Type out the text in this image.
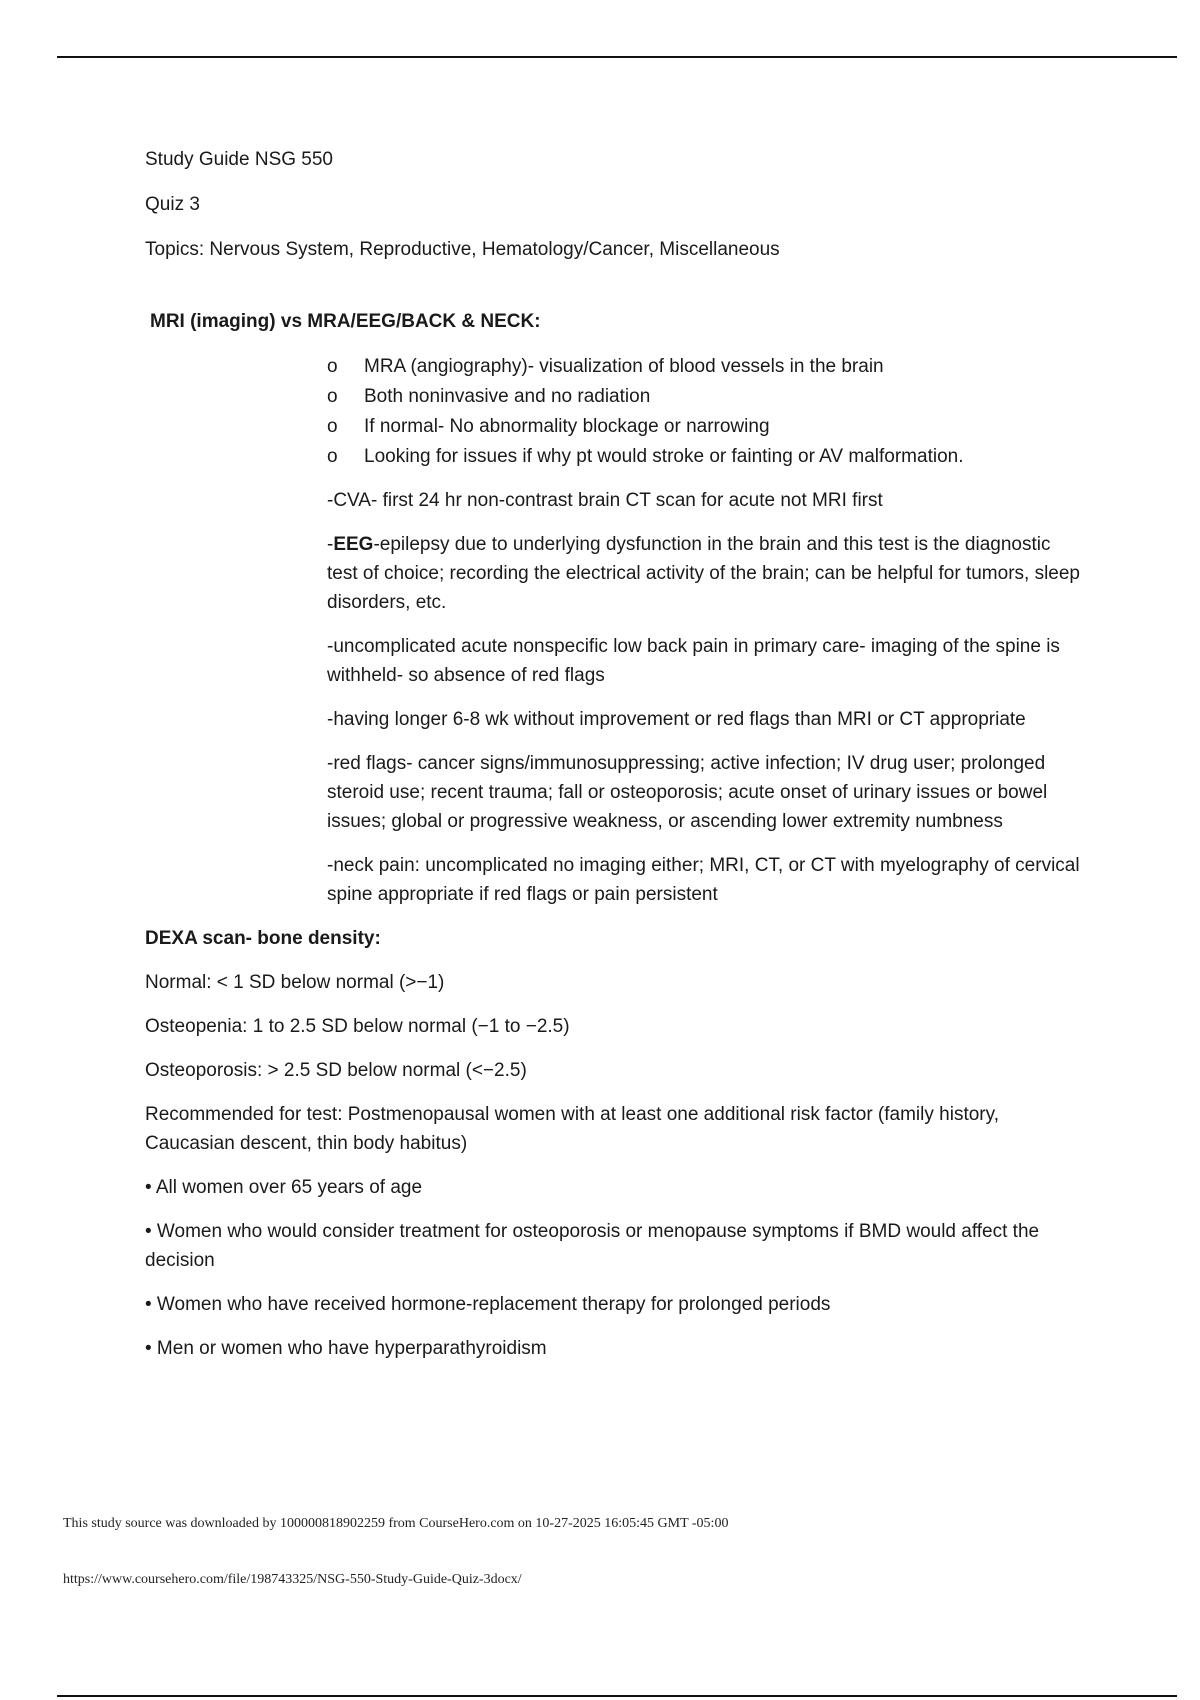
Study Guide NSG 550

Quiz 3

Topics: Nervous System, Reproductive, Hematology/Cancer, Miscellaneous

MRI (imaging) vs MRA/EEG/BACK & NECK:

o MRA (angiography)- visualization of blood vessels in the brain
o Both noninvasive and no radiation
o If normal- No abnormality blockage or narrowing
o Looking for issues if why pt would stroke or fainting or AV malformation.

-CVA- first 24 hr non-contrast brain CT scan for acute not MRI first

-EEG-epilepsy due to underlying dysfunction in the brain and this test is the diagnostic test of choice; recording the electrical activity of the brain; can be helpful for tumors, sleep disorders, etc.

-uncomplicated acute nonspecific low back pain in primary care- imaging of the spine is withheld- so absence of red flags

-having longer 6-8 wk without improvement or red flags than MRI or CT appropriate

-red flags- cancer signs/immunosuppressing; active infection; IV drug user; prolonged steroid use; recent trauma; fall or osteoporosis; acute onset of urinary issues or bowel issues; global or progressive weakness, or ascending lower extremity numbness

-neck pain: uncomplicated no imaging either; MRI, CT, or CT with myelography of cervical spine appropriate if red flags or pain persistent

DEXA scan- bone density:

Normal: < 1 SD below normal (>−1)

Osteopenia: 1 to 2.5 SD below normal (−1 to −2.5)

Osteoporosis: > 2.5 SD below normal (<−2.5)

Recommended for test: Postmenopausal women with at least one additional risk factor (family history, Caucasian descent, thin body habitus)

• All women over 65 years of age

• Women who would consider treatment for osteoporosis or menopause symptoms if BMD would affect the decision

• Women who have received hormone-replacement therapy for prolonged periods

• Men or women who have hyperparathyroidism

This study source was downloaded by 100000818902259 from CourseHero.com on 10-27-2025 16:05:45 GMT -05:00
https://www.coursehero.com/file/198743325/NSG-550-Study-Guide-Quiz-3docx/
